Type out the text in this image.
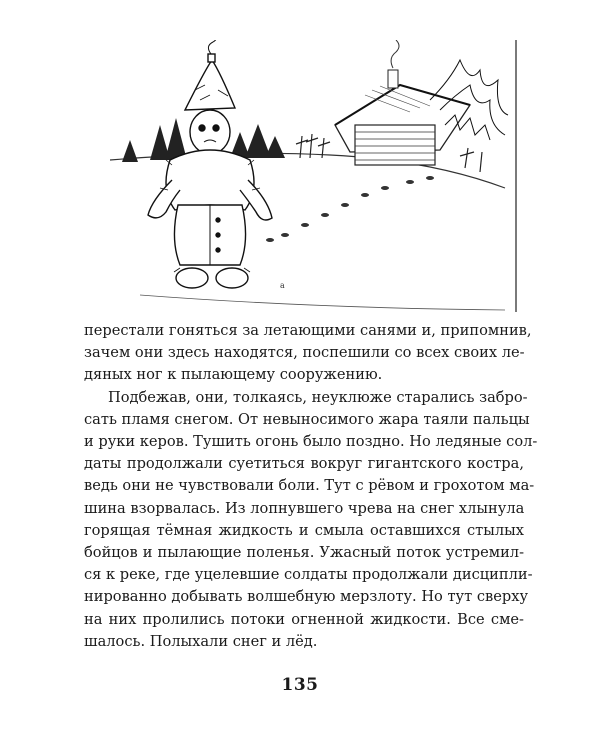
a

перестали гоняться за летающими санями и, припомнив,
зачем они здесь находятся, поспешили со всех своих ле-
дяных ног к пылающему сооружению.

Подбежав, они, толкаясь, неуклюже старались забро-
сать пламя снегом. От невыносимого жара таяли пальцы
и руки керов. Тушить огонь было поздно. Но ледяные сол-
даты продолжали суетиться вокруг гигантского костра,
ведь они не чувствовали боли. Тут с рёвом и грохотом ма-
шина взорвалась. Из лопнувшего чрева на снег хлынула
горящая тёмная жидкость и смыла оставшихся стылых
бойцов и пылающие поленья. Ужасный поток устремил-
ся к реке, где уцелевшие солдаты продолжали дисципли-
нированно добывать волшебную мерзлоту. Но тут сверху
на них пролились потоки огненной жидкости. Все сме-
шалось. Полыхали снег и лёд.

135
